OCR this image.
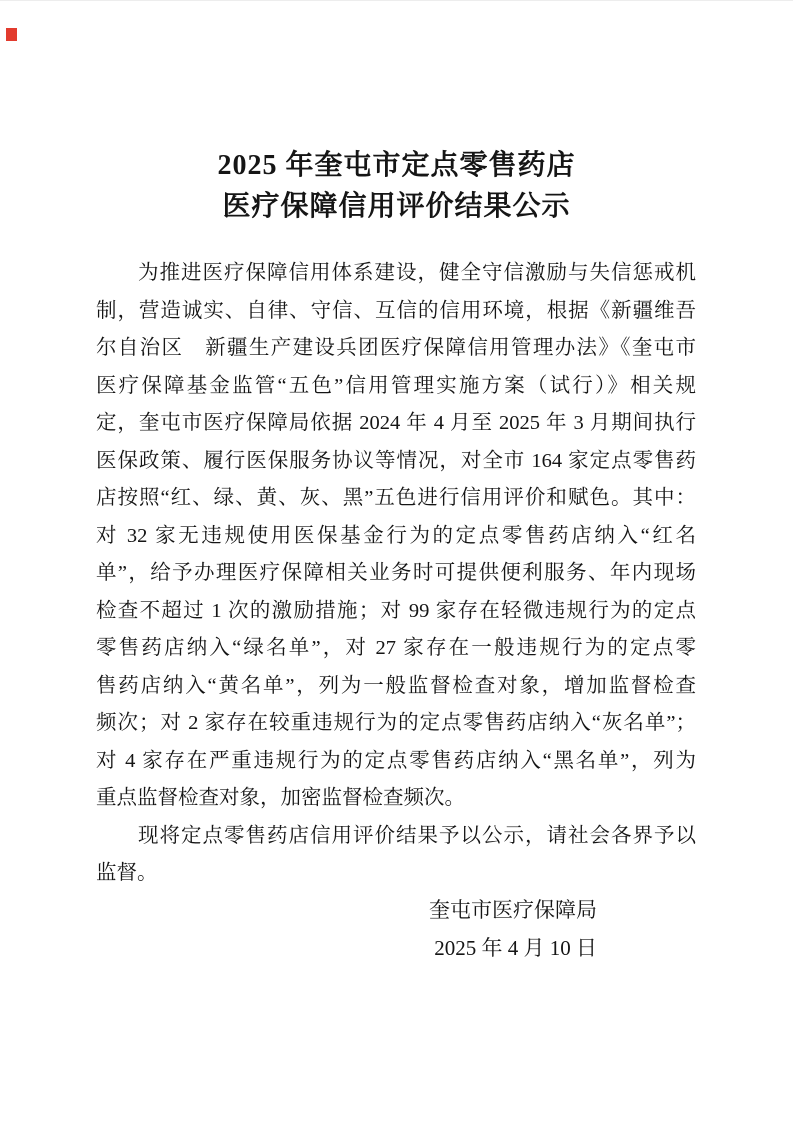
2025 年奎屯市定点零售药店
医疗保障信用评价结果公示
为推进医疗保障信用体系建设，健全守信激励与失信惩戒机
制，营造诚实、自律、守信、互信的信用环境，根据《新疆维吾
尔自治区　新疆生产建设兵团医疗保障信用管理办法》《奎屯市
医疗保障基金监管“五色”信用管理实施方案（试行）》相关规
定，奎屯市医疗保障局依据 2024 年 4 月至 2025 年 3 月期间执行
医保政策、履行医保服务协议等情况，对全市 164 家定点零售药
店按照“红、绿、黄、灰、黑”五色进行信用评价和赋色。其中：
对 32 家无违规使用医保基金行为的定点零售药店纳入“红名
单”，给予办理医疗保障相关业务时可提供便利服务、年内现场
检查不超过 1 次的激励措施；对 99 家存在轻微违规行为的定点
零售药店纳入“绿名单”，对 27 家存在一般违规行为的定点零
售药店纳入“黄名单”，列为一般监督检查对象，增加监督检查
频次；对 2 家存在较重违规行为的定点零售药店纳入“灰名单”；
对 4 家存在严重违规行为的定点零售药店纳入“黑名单”，列为
重点监督检查对象，加密监督检查频次。
现将定点零售药店信用评价结果予以公示，请社会各界予以
监督。
奎屯市医疗保障局
2025 年 4 月 10 日
